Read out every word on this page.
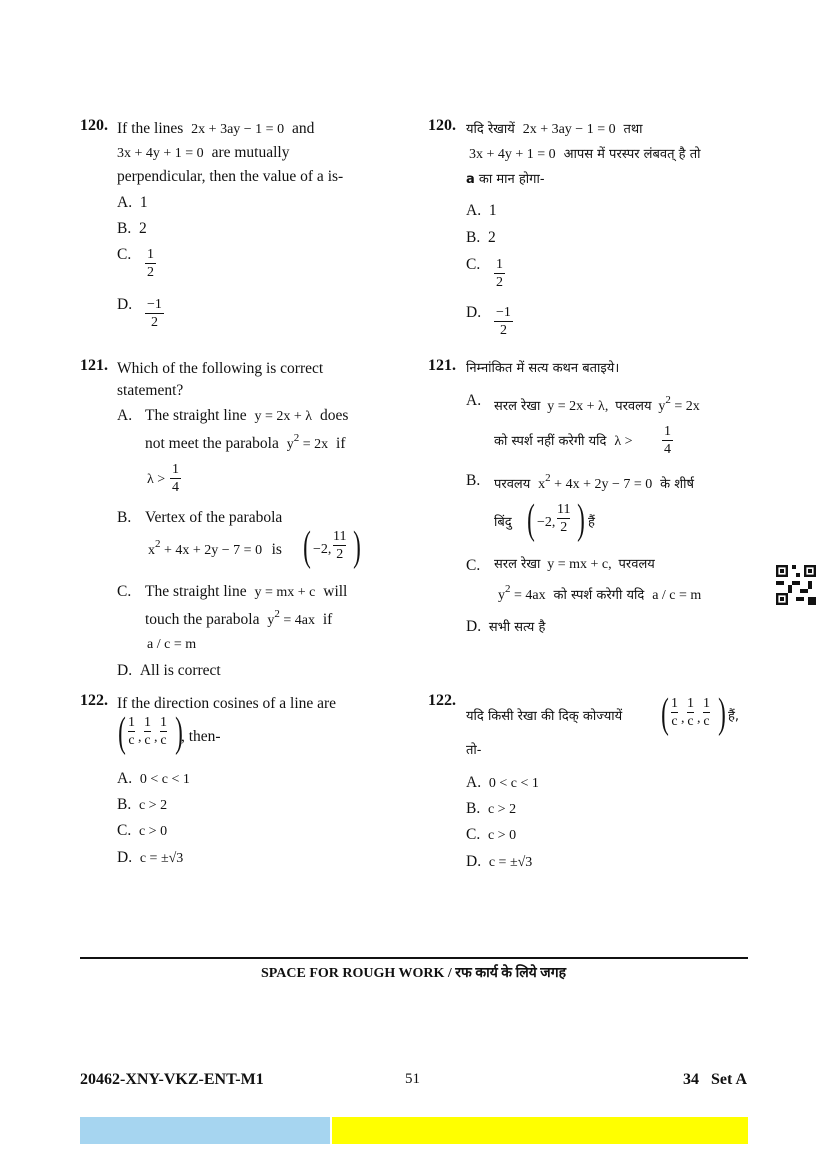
120. If the lines 2x + 3ay − 1 = 0 and
3x + 4y + 1 = 0 are mutually
perpendicular, then the value of a is-
A. 1
B. 2
C. $\frac{1}{2}$
D. $\frac{-1}{2}$
121. Which of the following is correct
statement?
A. The straight line y = 2x + λ does
not meet the parabola $y^2 = 2x$ if
$\lambda > \frac{1}{4}$
B. Vertex of the parabola
$x^2 + 4x + 2y - 7 = 0$ is ( −2, $\frac{11}{2}$ )
C. The straight line y = mx + c will
touch the parabola $y^2 = 4ax$ if
a / c = m
D. All is correct
122. If the direction cosines of a line are
( $\frac{1}{c}$ , $\frac{1}{c}$ , $\frac{1}{c}$ )
, then-
A. 0 < c < 1
B. c > 2
C. c > 0
D. c = ±√3
120. यदि रेखायें 2x + 3ay − 1 = 0 तथा
3x + 4y + 1 = 0 आपस में परस्पर लंबवत् है तो
a का मान होगा-
A. 1
B. 2
C. $\frac{1}{2}$
D. $\frac{-1}{2}$
121. निम्नांकित में सत्य कथन बताइये।
A. सरल रेखा y = 2x + λ, परवलय $y^2 = 2x$
को स्पर्श नहीं करेगी यदि $\lambda > \frac{1}{4}$
B. परवलय $x^2 + 4x + 2y - 7 = 0$ के शीर्ष
बिंदु ( −2, $\frac{11}{2}$ ) हैं
C. सरल रेखा y = mx + c, परवलय
$y^2 = 4ax$ को स्पर्श करेगी यदि a / c = m
D. सभी सत्य है
122.
यदि किसी रेखा की दिक् कोज्यायें ( $\frac{1}{c}$ , $\frac{1}{c}$ , $\frac{1}{c}$ ) हैं,
तो-
A. 0 < c < 1
B. c > 2
C. c > 0
D. c = ±√3
SPACE FOR ROUGH WORK / रफ कार्य के लिये जगह
20462-XNY-VKZ-ENT-M1	51	34 Set A
